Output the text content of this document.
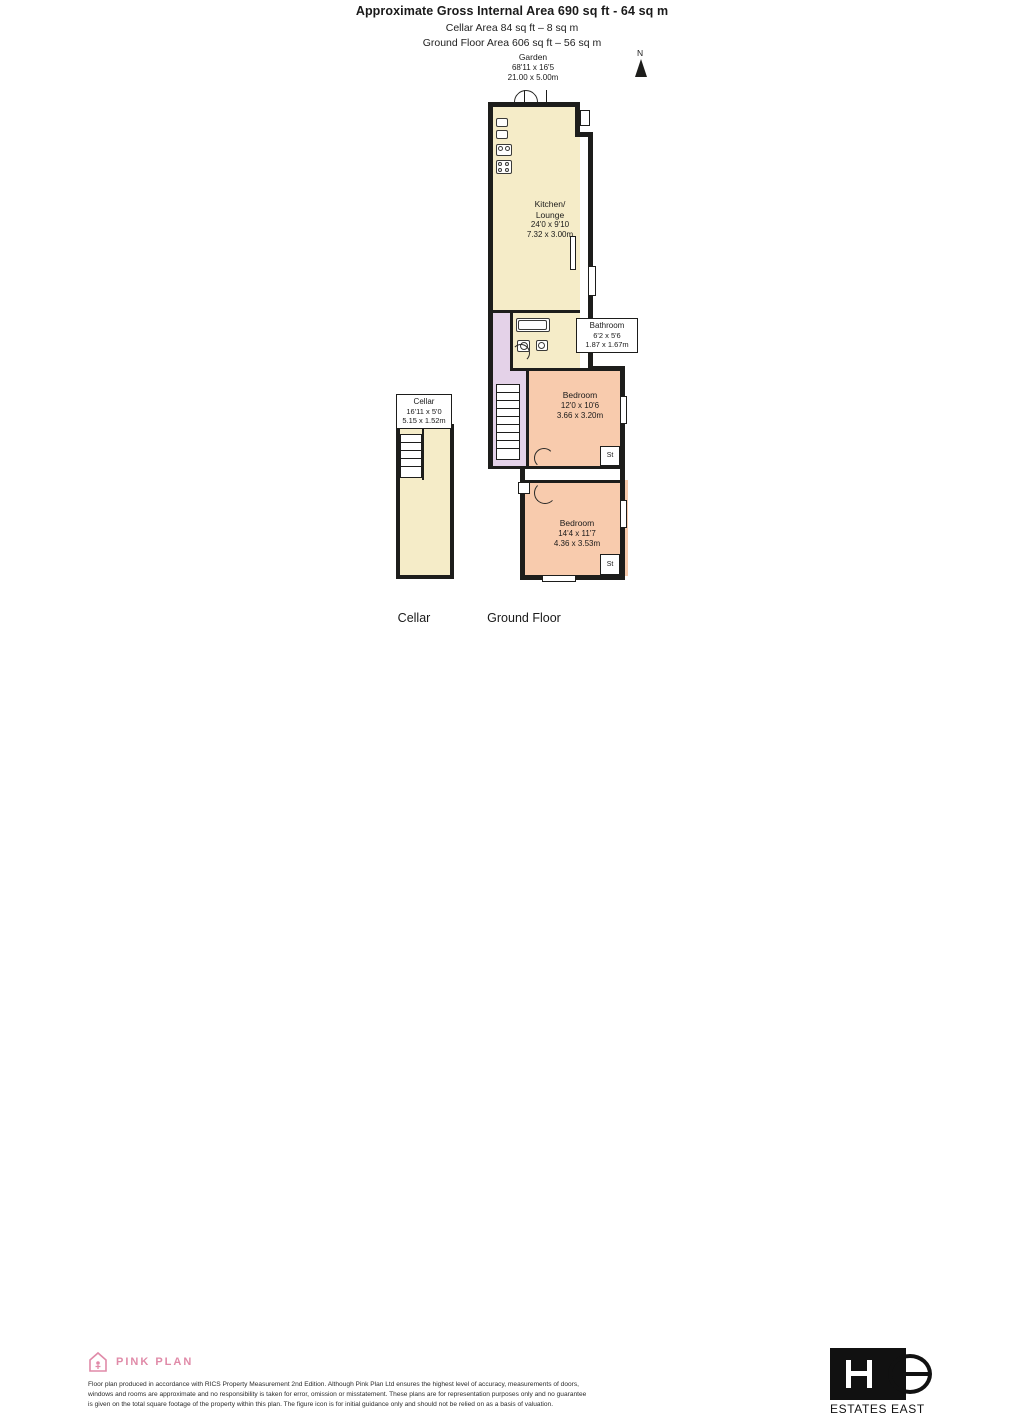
Approximate Gross Internal Area 690 sq ft - 64 sq m
Cellar Area 84 sq ft – 8 sq m
Ground Floor Area 606 sq ft – 56 sq m
N
Garden
68'11 x 16'5
21.00 x 5.00m
St
St
Kitchen/
Lounge
24'0 x 9'10
7.32 x 3.00m
Bathroom
6'2 x 5'6
1.87 x 1.67m
Bedroom
12'0 x 10'6
3.66 x 3.20m
Bedroom
14'4 x 11'7
4.36 x 3.53m
Cellar
16'11 x 5'0
5.15 x 1.52m
Cellar	Ground Floor
PINK PLAN
Floor plan produced in accordance with RICS Property Measurement 2nd Edition. Although Pink Plan Ltd ensures the highest level of accuracy, measurements of doors, windows and rooms are approximate and no responsibility is taken for error, omission or misstatement. These plans are for representation purposes only and no guarantee is given on the total square footage of the property within this plan. The figure icon is for initial guidance only and should not be relied on as a basis of valuation.	ESTATES EAST
